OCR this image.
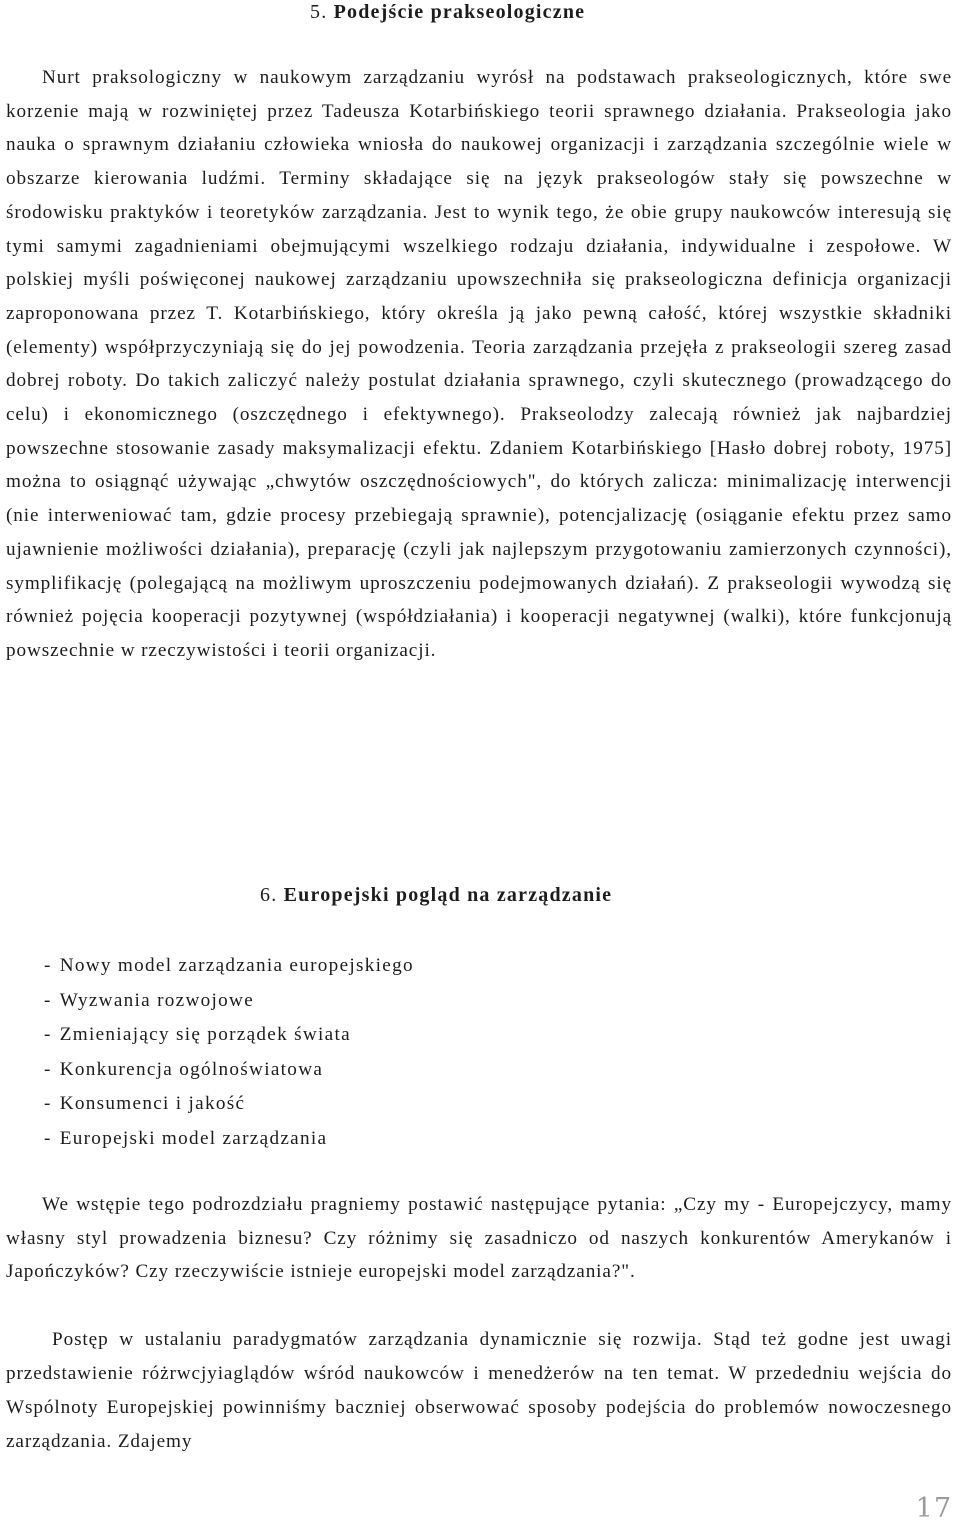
5. Podejście prakseologiczne

Nurt praksologiczny w naukowym zarządzaniu wyrósł na podstawach prakseologicznych, które swe korzenie mają w rozwiniętej przez Tadeusza Kotarbińskiego teorii sprawnego działania. Prakseologia jako nauka o sprawnym działaniu człowieka wniosła do naukowej organizacji i zarządzania szczególnie wiele w obszarze kierowania ludźmi. Terminy składające się na język prakseologów stały się powszechne w środowisku praktyków i teoretyków zarządzania. Jest to wynik tego, że obie grupy naukowców interesują się tymi samymi zagadnieniami obejmującymi wszelkiego rodzaju działania, indywidualne i zespołowe. W polskiej myśli poświęconej naukowej zarządzaniu upowszechniła się prakseologiczna definicja organizacji zaproponowana przez T. Kotarbińskiego, który określa ją jako pewną całość, której wszystkie składniki (elementy) współprzyczyniają się do jej powodzenia. Teoria zarządzania przejęła z prakseologii szereg zasad dobrej roboty. Do takich zaliczyć należy postulat działania sprawnego, czyli skutecznego (prowadzącego do celu) i ekonomicznego (oszczędnego i efektywnego). Prakseolodzy zalecają również jak najbardziej powszechne stosowanie zasady maksymalizacji efektu. Zdaniem Kotarbińskiego [Hasło dobrej roboty, 1975] można to osiągnąć używając „chwytów oszczędnościowych", do których zalicza: minimalizację interwencji (nie interweniować tam, gdzie procesy przebiegają sprawnie), potencjalizację (osiąganie efektu przez samo ujawnienie możliwości działania), preparację (czyli jak najlepszym przygotowaniu zamierzonych czynności), symplifikację (polegającą na możliwym uproszczeniu podejmowanych działań). Z prakseologii wywodzą się również pojęcia kooperacji pozytywnej (współdziałania) i kooperacji negatywnej (walki), które funkcjonują powszechnie w rzeczywistości i teorii organizacji.

6. Europejski pogląd na zarządzanie
- Nowy model zarządzania europejskiego
- Wyzwania rozwojowe
- Zmieniający się porządek świata
- Konkurencja ogólnoświatowa
- Konsumenci i jakość
- Europejski model zarządzania

We wstępie tego podrozdziału pragniemy postawić następujące pytania: „Czy my - Europejczycy, mamy własny styl prowadzenia biznesu? Czy różnimy się zasadniczo od naszych konkurentów Amerykanów i Japończyków? Czy rzeczywiście istnieje europejski model zarządzania?".

Postęp w ustalaniu paradygmatów zarządzania dynamicznie się rozwija. Stąd też godne jest uwagi przedstawienie różrwcjyiaglądów wśród naukowców i menedżerów na ten temat. W przededniu wejścia do Wspólnoty Europejskiej powinniśmy baczniej obserwować sposoby podejścia do problemów nowoczesnego zarządzania. Zdajemy

17
